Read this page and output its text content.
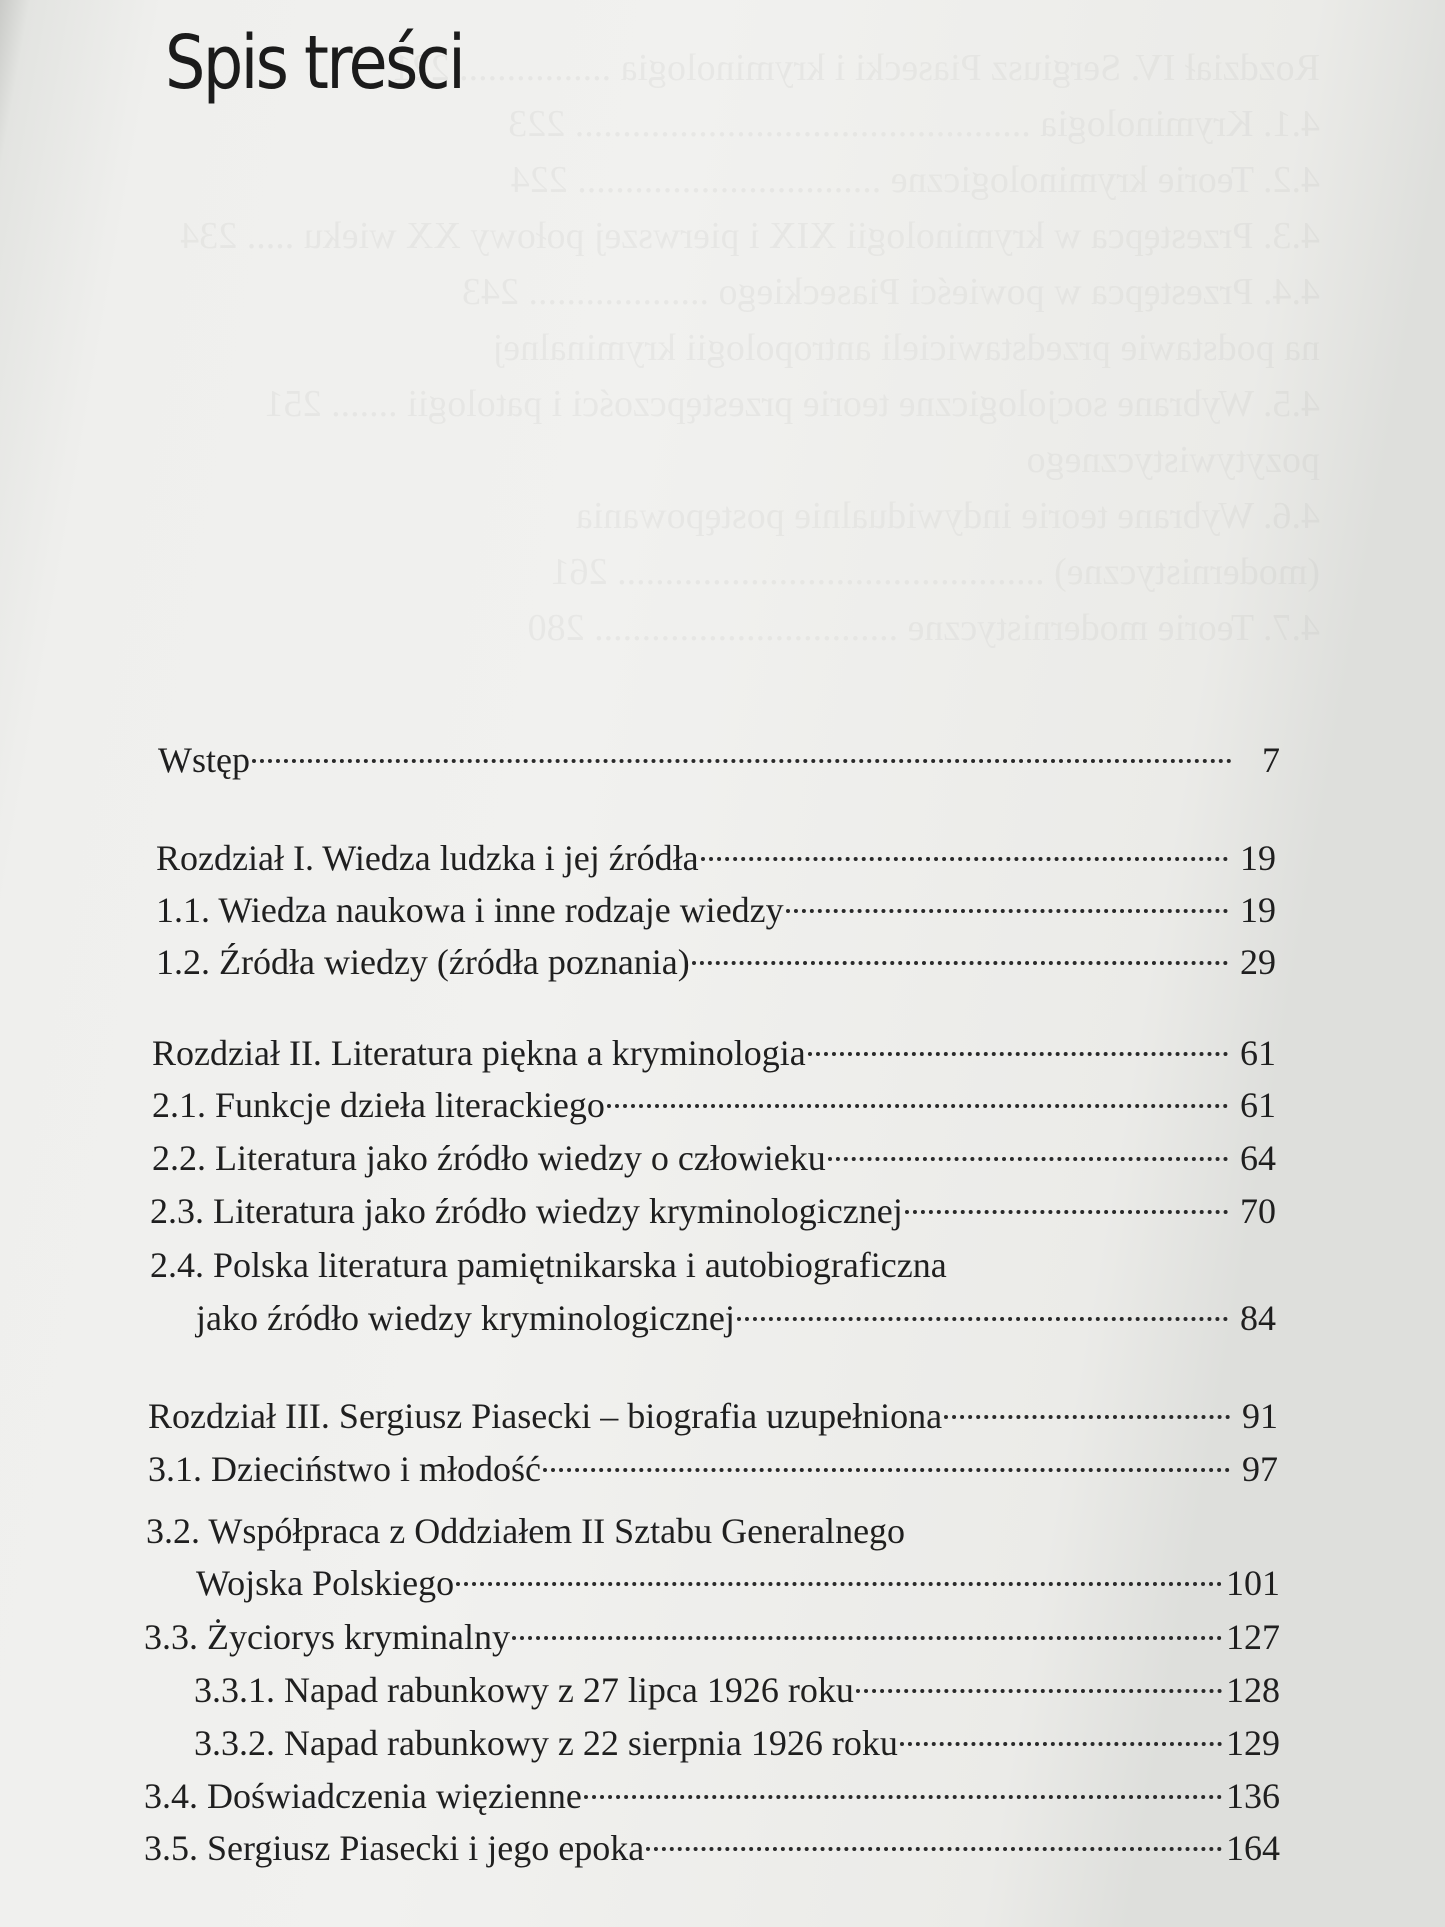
Rozdział IV. Sergiusz Piasecki i kryminologia ................ 221
4.1. Kryminologia ................................................ 223
4.2. Teorie kryminologiczne ................................ 224
4.3. Przestępca w kryminologii XIX i pierwszej połowy XX wieku ..... 234
4.4. Przestępca w powieści Piaseckiego ................... 243
na podstawie przedstawicieli antropologii kryminalnej
4.5. Wybrane socjologiczne teorie przestępczości i patologii ....... 251
pozytywistycznego
4.6. Wybrane teorie indywidualnie postępowania
(modernistyczne) ............................................. 261
4.7. Teorie modernistyczne ................................ 280
Spis treści
Wstęp	7
Rozdział I. Wiedza ludzka i jej źródła	19
1.1. Wiedza naukowa i inne rodzaje wiedzy	19
1.2. Źródła wiedzy (źródła poznania)	29
Rozdział II. Literatura piękna a kryminologia	61
2.1. Funkcje dzieła literackiego	61
2.2. Literatura jako źródło wiedzy o człowieku	64
2.3. Literatura jako źródło wiedzy kryminologicznej	70
2.4. Polska literatura pamiętnikarska i autobiograficzna
jako źródło wiedzy kryminologicznej	84
Rozdział III. Sergiusz Piasecki – biografia uzupełniona	91
3.1. Dzieciństwo i młodość	97
3.2. Współpraca z Oddziałem II Sztabu Generalnego
Wojska Polskiego	101
3.3. Życiorys kryminalny	127
3.3.1. Napad rabunkowy z 27 lipca 1926 roku	128
3.3.2. Napad rabunkowy z 22 sierpnia 1926 roku	129
3.4. Doświadczenia więzienne	136
3.5. Sergiusz Piasecki i jego epoka	164
